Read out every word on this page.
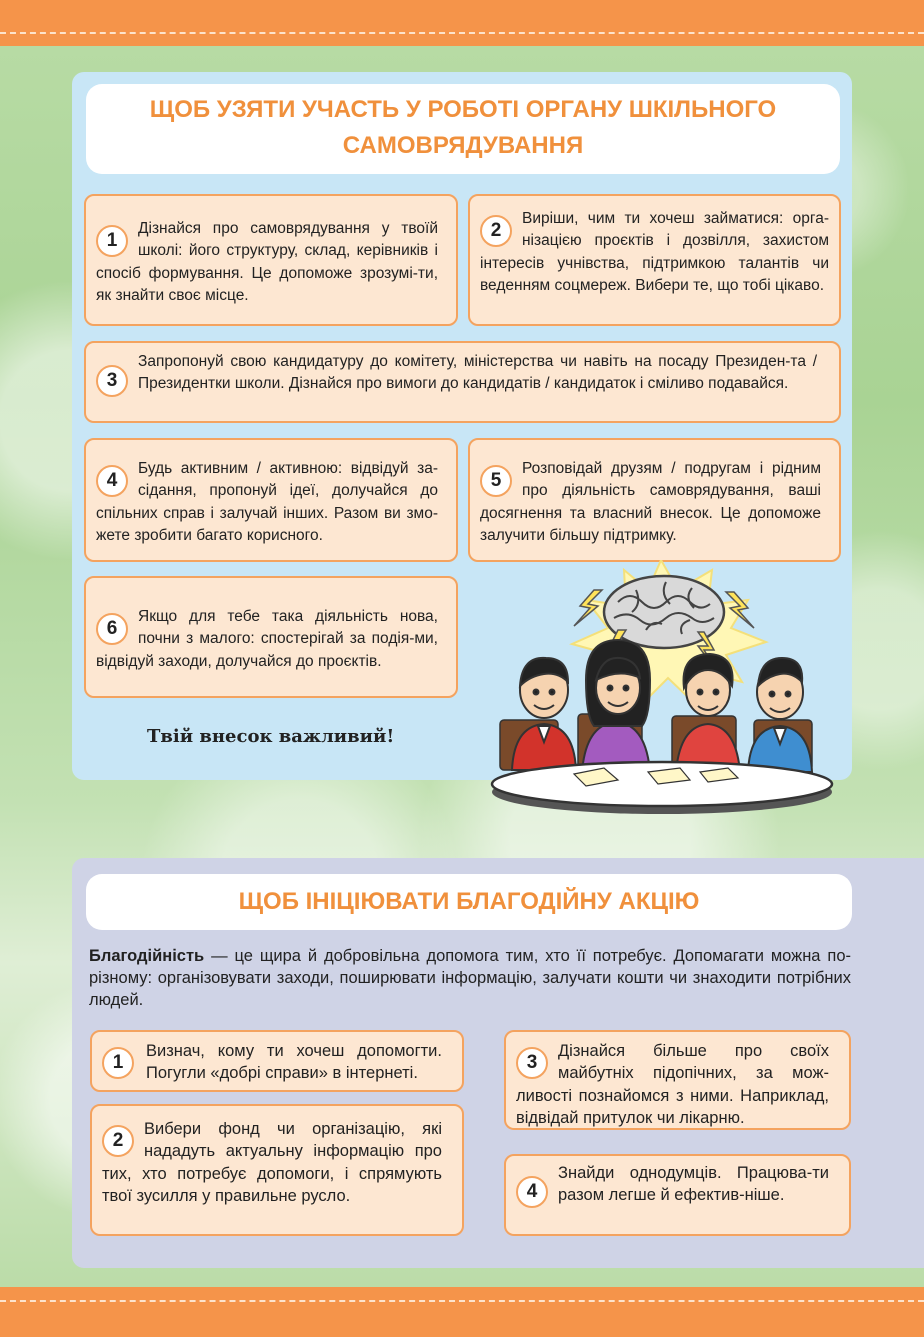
ЩОБ УЗЯТИ УЧАСТЬ У РОБОТІ ОРГАНУ ШКІЛЬНОГО
САМОВРЯДУВАННЯ
1
Дізнайся про самоврядування у твоїй школі: його структуру, склад, керівників і спосіб формування. Це допоможе зрозумі-ти, як знайти своє місце.
2
Виріши, чим ти хочеш займатися: орга-нізацією проєктів і дозвілля, захистом інтересів учнівства, підтримкою талантів чи веденням соцмереж. Вибери те, що тобі цікаво.
3
Запропонуй свою кандидатуру до комітету, міністерства чи навіть на посаду Президен-та / Президентки школи. Дізнайся про вимоги до кандидатів / кандидаток і сміливо подавайся.
4
Будь активним / активною: відвідуй за-сідання, пропонуй ідеї, долучайся до спільних справ і залучай інших. Разом ви змо-жете зробити багато корисного.
5
Розповідай друзям / подругам і рідним про діяльність самоврядування, ваші досягнення та власний внесок. Це допоможе залучити більшу підтримку.
6
Якщо для тебе така діяльність нова, почни з малого: спостерігай за подія-ми, відвідуй заходи, долучайся до проєктів.
Твій внесок важливий!
ЩОБ ІНІЦІЮВАТИ БЛАГОДІЙНУ АКЦІЮ
Благодійність — це щира й добровільна допомога тим, хто її потребує. Допомагати можна по-різному: організовувати заходи, поширювати інформацію, залучати кошти чи знаходити потрібних людей.
1
Визнач, кому ти хочеш допомогти. Погугли «добрі справи» в інтернеті.
2
Вибери фонд чи організацію, які нададуть актуальну інформацію про тих, хто потребує допомоги, і спрямують твої зусилля у правильне русло.
3
Дізнайся більше про своїх майбутніх підопічних, за мож-ливості познайомся з ними. Наприклад, відвідай притулок чи лікарню.
4
Знайди однодумців. Працюва-ти разом легше й ефектив-ніше.
